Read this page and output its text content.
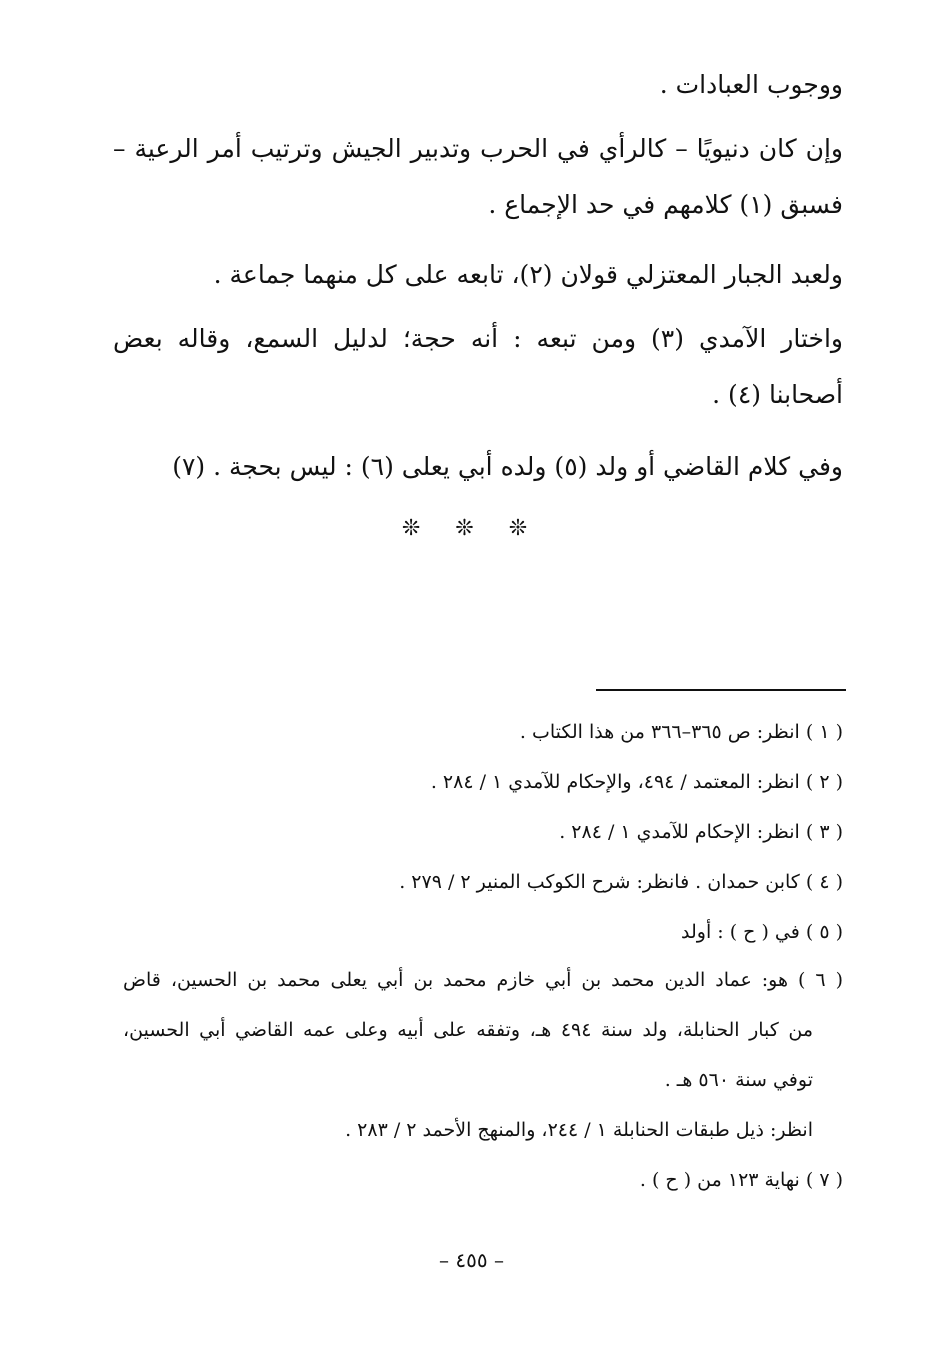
ووجوب العبادات .
وإن كان دنيويًا – كالرأي في الحرب وتدبير الجيش وترتيب أمر الرعية –
فسبق (١) كلامهم في حد الإجماع .
ولعبد الجبار المعتزلي قولان (٢)، تابعه على كل منهما جماعة .
واختار الآمدي (٣) ومن تبعه : أنه حجة؛ لدليل السمع، وقاله بعض
أصحابنا (٤) .
وفي كلام القاضي أو ولد (٥) ولده أبي يعلى (٦) : ليس بحجة . (٧)
❊ ❊ ❊
( ١ ) انظر: ص ٣٦٥–٣٦٦ من هذا الكتاب .
( ٢ ) انظر: المعتمد / ٤٩٤، والإحكام للآمدي ١ / ٢٨٤ .
( ٣ ) انظر: الإحكام للآمدي ١ / ٢٨٤ .
( ٤ ) كابن حمدان . فانظر: شرح الكوكب المنير ٢ / ٢٧٩ .
( ٥ ) في ( ح ) : أولد
( ٦ ) هو: عماد الدين محمد بن أبي خازم محمد بن أبي يعلى محمد بن الحسين، قاض
من كبار الحنابلة، ولد سنة ٤٩٤ هـ، وتفقه على أبيه وعلى عمه القاضي أبي الحسين،
توفي سنة ٥٦٠ هـ .
انظر: ذيل طبقات الحنابلة ١ / ٢٤٤، والمنهج الأحمد ٢ / ٢٨٣ .
( ٧ ) نهاية ١٢٣ من ( ح ) .
– ٤٥٥ –
